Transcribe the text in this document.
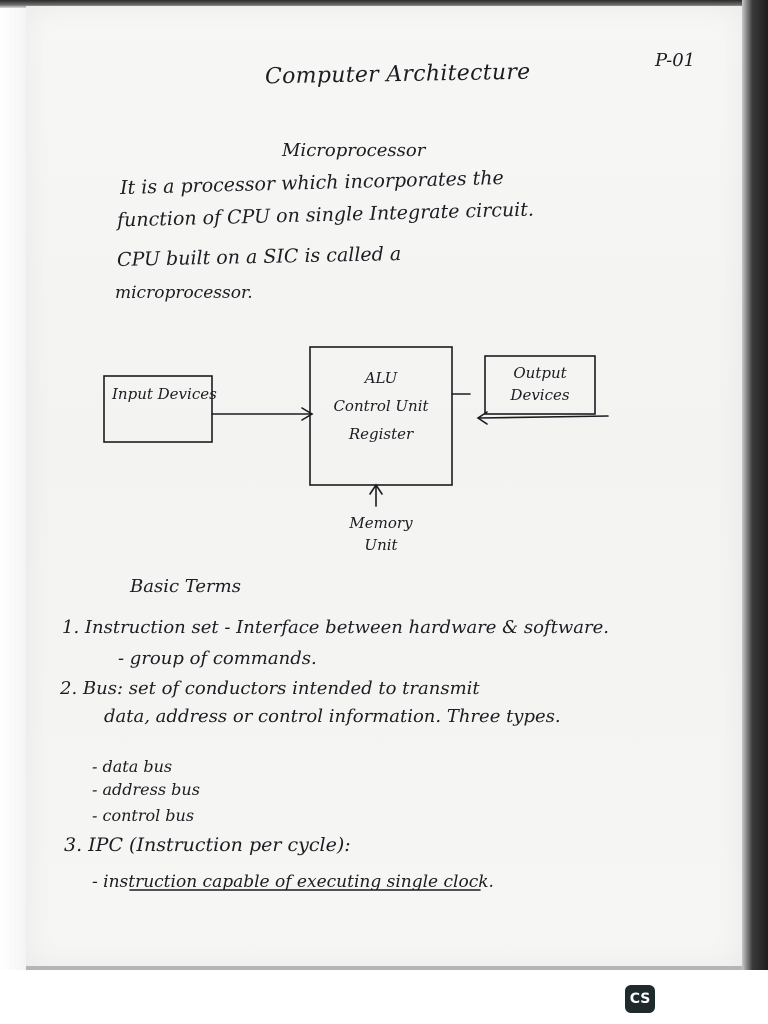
Computer Architecture	P-01
Microprocessor
It is a processor which incorporates the
function of CPU on single Integrate circuit.
CPU built on a SIC is called a
microprocessor.
Input Devices
ALU
Control Unit
Register
Output Devices
Memory
Unit
Basic Terms
1. Instruction set - Interface between hardware & software.
- group of commands.
2. Bus: set of conductors intended to transmit
data, address or control information. Three types.
- data bus
- address bus
- control bus
3. IPC (Instruction per cycle):
- instruction capable of executing single clock.
CS
